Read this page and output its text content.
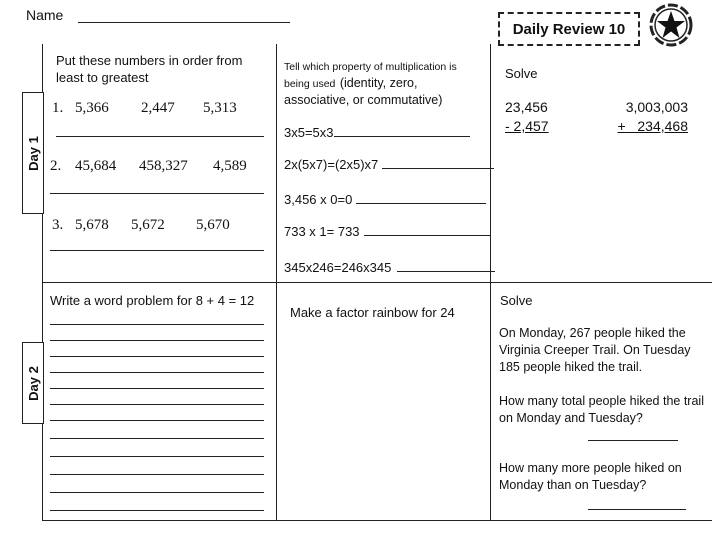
Name
Daily Review 10
Day 1
Day 2
Put these numbers in order from least to greatest
1. 5,366 2,447 5,313
2. 45,684 458,327 4,589
3. 5,678 5,672 5,670
Tell which property of multiplication is being used (identity, zero, associative, or commutative)
3x5=5x3
2x(5x7)=(2x5)x7
3,456 x 0=0
733 x 1= 733
345x246=246x345
Solve
23,456
- 2,457
3,003,003
+ 234,468
Write a word problem for 8 + 4 = 12
Make a factor rainbow for 24
Solve
On Monday, 267 people hiked the Virginia Creeper Trail. On Tuesday 185 people hiked the trail.
How many total people hiked the trail on Monday and Tuesday?
How many more people hiked on Monday than on Tuesday?
